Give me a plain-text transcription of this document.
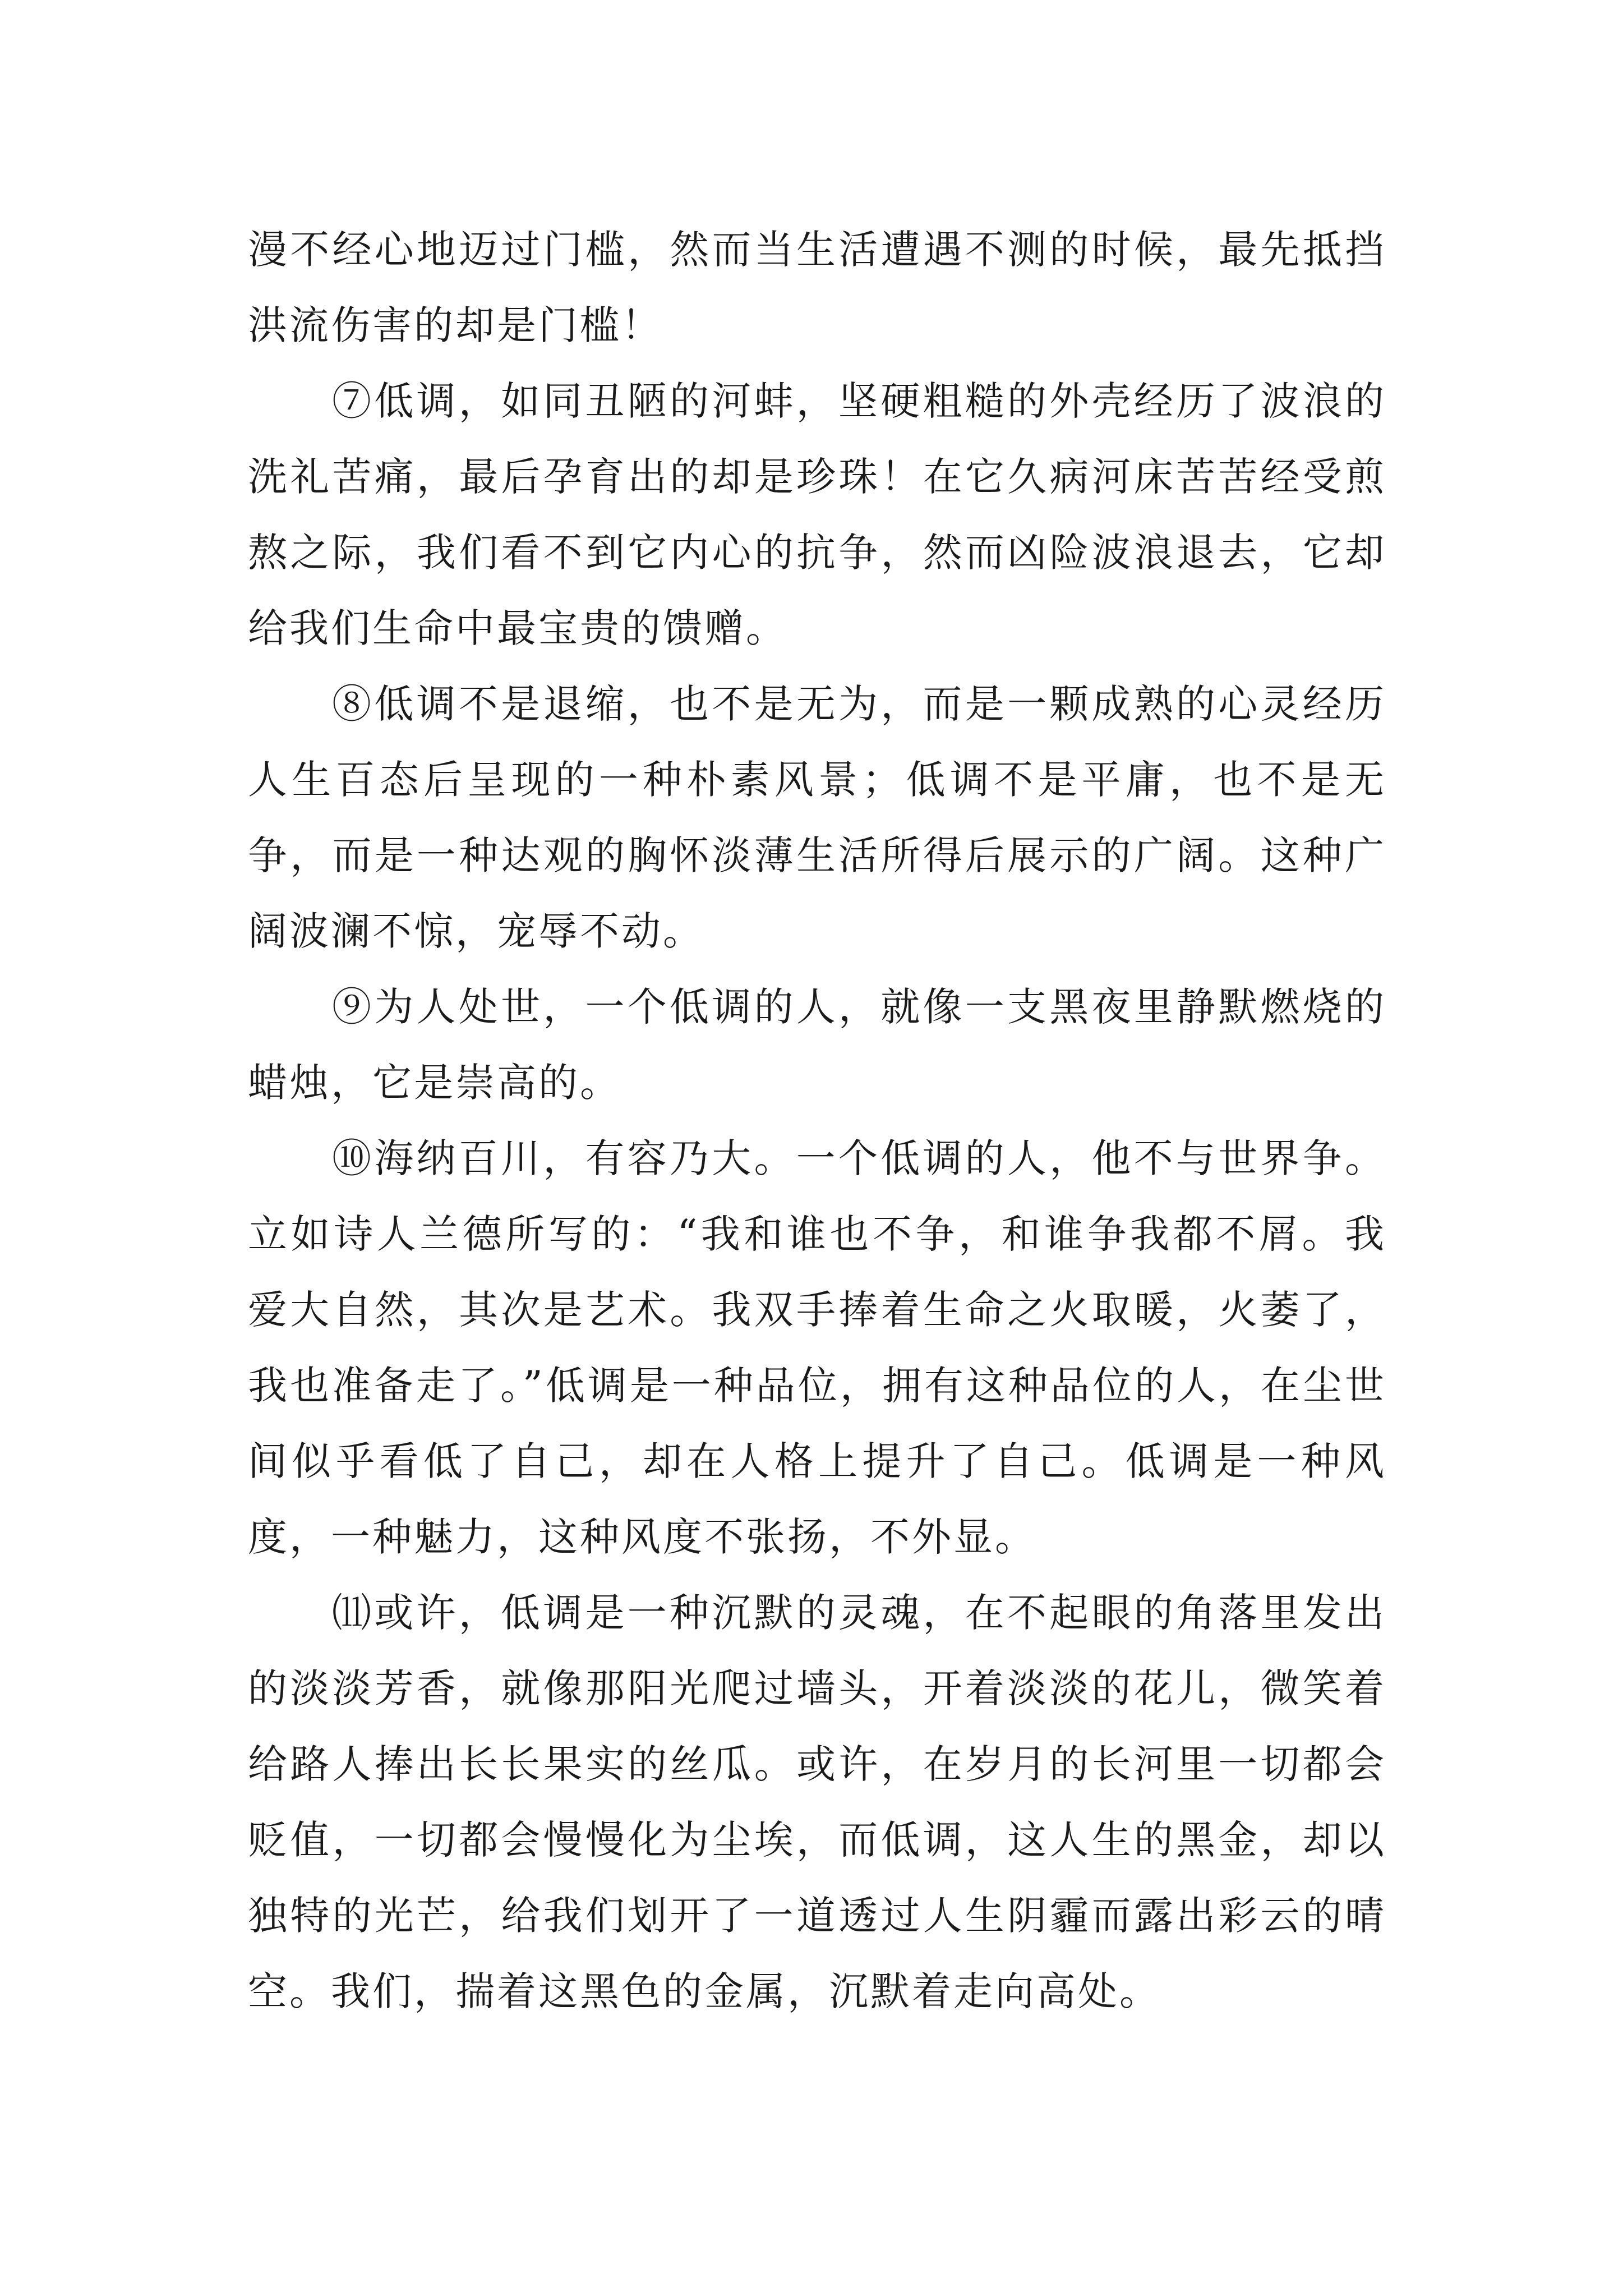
漫不经心地迈过门槛，然而当生活遭遇不测的时候，最先抵挡洪流伤害的却是门槛！

⑦低调，如同丑陋的河蚌，坚硬粗糙的外壳经历了波浪的洗礼苦痛，最后孕育出的却是珍珠！在它久病河床苦苦经受煎熬之际，我们看不到它内心的抗争，然而凶险波浪退去，它却给我们生命中最宝贵的馈赠。

⑧低调不是退缩，也不是无为，而是一颗成熟的心灵经历人生百态后呈现的一种朴素风景；低调不是平庸，也不是无争，而是一种达观的胸怀淡薄生活所得后展示的广阔。这种广阔波澜不惊，宠辱不动。

⑨为人处世，一个低调的人，就像一支黑夜里静默燃烧的蜡烛，它是崇高的。

⑩海纳百川，有容乃大。一个低调的人，他不与世界争。立如诗人兰德所写的：“我和谁也不争，和谁争我都不屑。我爱大自然，其次是艺术。我双手捧着生命之火取暖，火萎了，我也准备走了。”低调是一种品位，拥有这种品位的人，在尘世间似乎看低了自己，却在人格上提升了自己。低调是一种风度，一种魅力，这种风度不张扬，不外显。

⑾或许，低调是一种沉默的灵魂，在不起眼的角落里发出的淡淡芳香，就像那阳光爬过墙头，开着淡淡的花儿，微笑着给路人捧出长长果实的丝瓜。或许，在岁月的长河里一切都会贬值，一切都会慢慢化为尘埃，而低调，这人生的黑金，却以独特的光芒，给我们划开了一道透过人生阴霾而露出彩云的晴空。我们，揣着这黑色的金属，沉默着走向高处。
